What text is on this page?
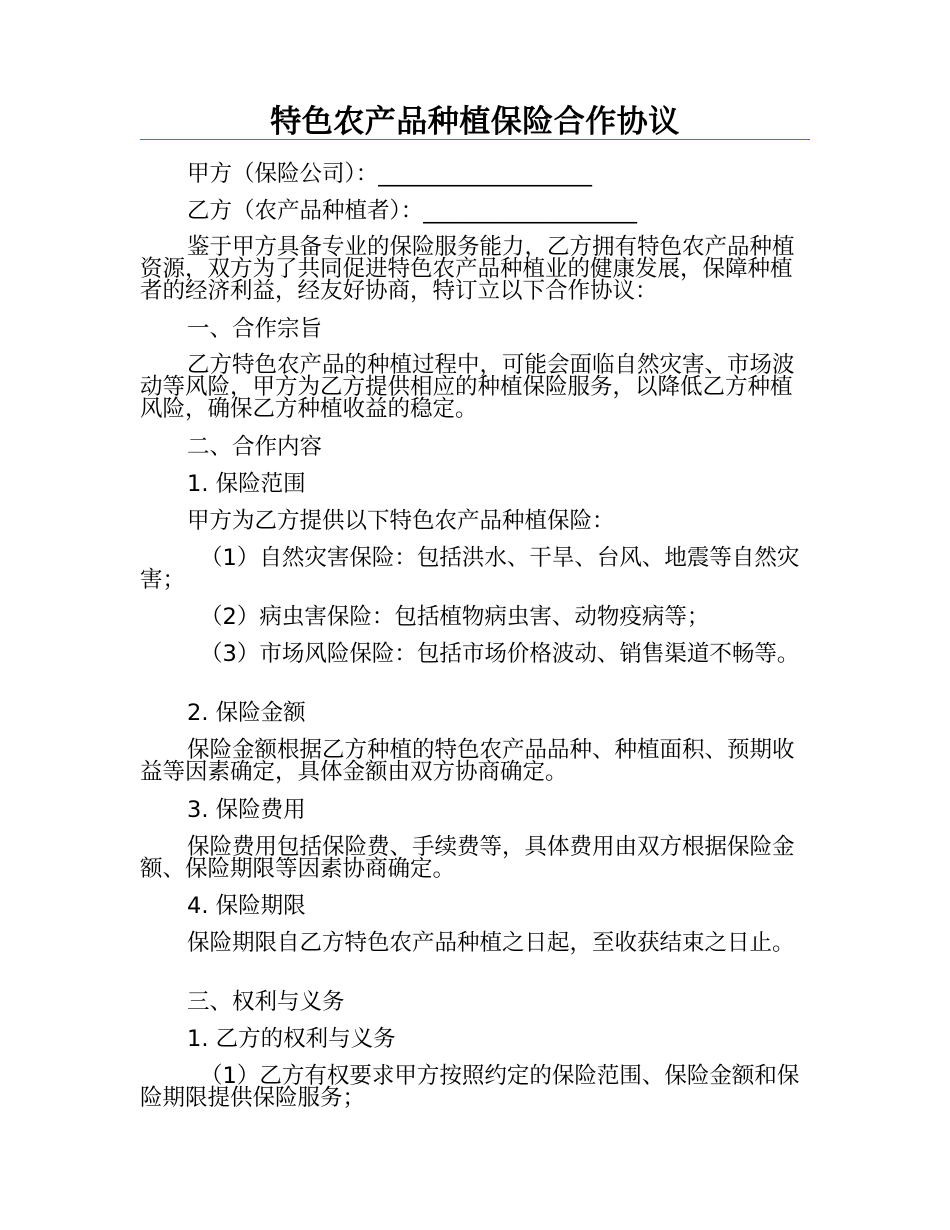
特色农产品种植保险合作协议

甲方（保险公司）：___________________

乙方（农产品种植者）：___________________

鉴于甲方具备专业的保险服务能力，乙方拥有特色农产品种植资源，双方为了共同促进特色农产品种植业的健康发展，保障种植者的经济利益，经友好协商，特订立以下合作协议：

一、合作宗旨

乙方特色农产品的种植过程中，可能会面临自然灾害、市场波动等风险，甲方为乙方提供相应的种植保险服务，以降低乙方种植风险，确保乙方种植收益的稳定。

二、合作内容

1. 保险范围

甲方为乙方提供以下特色农产品种植保险：

（1）自然灾害保险：包括洪水、干旱、台风、地震等自然灾害；

（2）病虫害保险：包括植物病虫害、动物疫病等；

（3）市场风险保险：包括市场价格波动、销售渠道不畅等。

2. 保险金额

保险金额根据乙方种植的特色农产品品种、种植面积、预期收益等因素确定，具体金额由双方协商确定。

3. 保险费用

保险费用包括保险费、手续费等，具体费用由双方根据保险金额、保险期限等因素协商确定。

4. 保险期限

保险期限自乙方特色农产品种植之日起，至收获结束之日止。

三、权利与义务

1. 乙方的权利与义务

（1）乙方有权要求甲方按照约定的保险范围、保险金额和保险期限提供保险服务；
